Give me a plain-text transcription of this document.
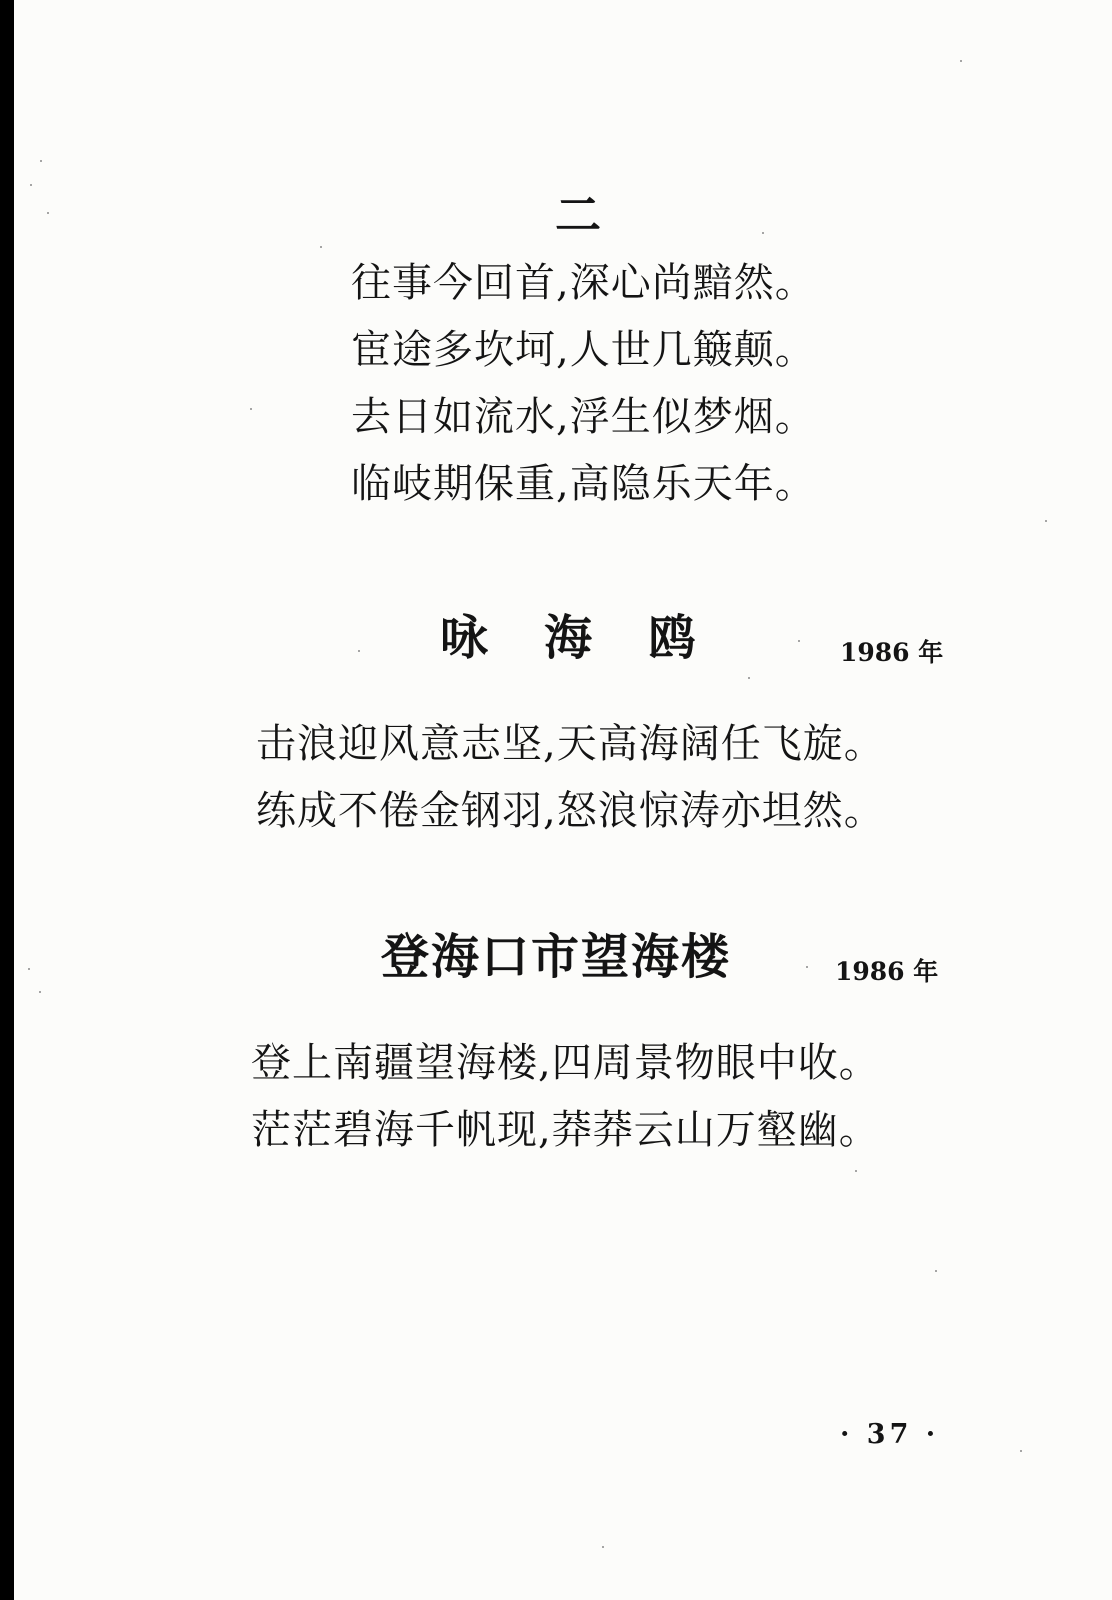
二
往事今回首,深心尚黯然。
宦途多坎坷,人世几簸颠。
去日如流水,浮生似梦烟。
临岐期保重,高隐乐天年。
咏海鸥	1986 年
击浪迎风意志坚,天高海阔任飞旋。
练成不倦金钢羽,怒浪惊涛亦坦然。
登海口市望海楼	1986 年
登上南疆望海楼,四周景物眼中收。
茫茫碧海千帆现,莽莽云山万壑幽。
· 37 ·
